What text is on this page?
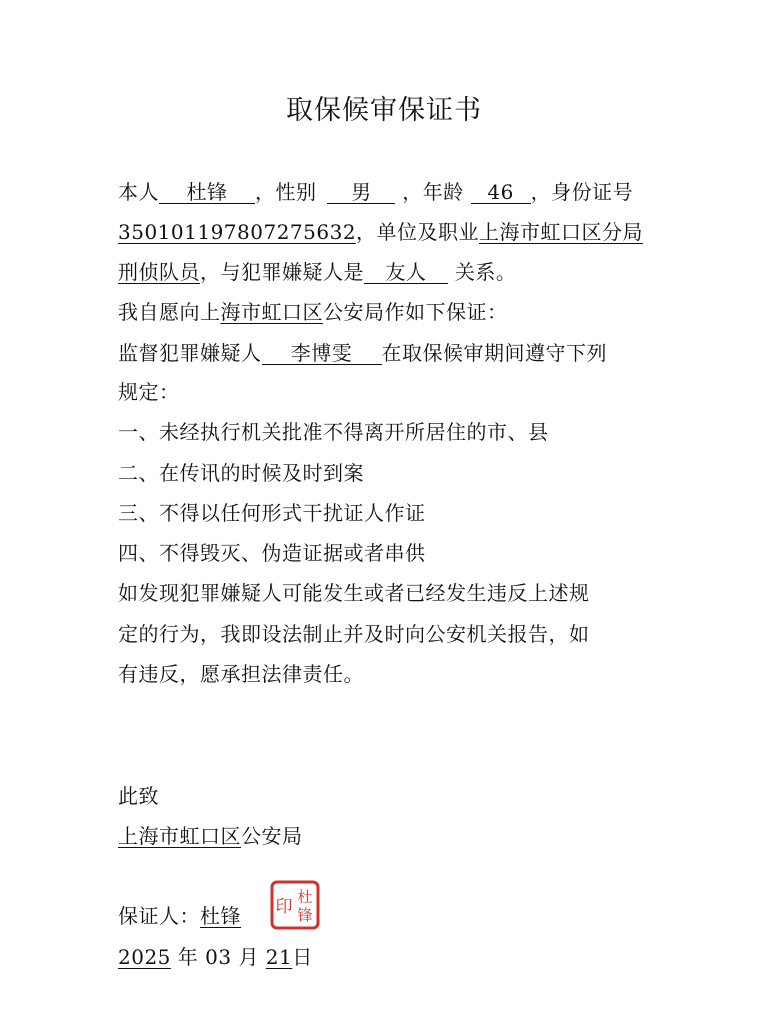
取保候审保证书
本人 杜锋 ，性别 男 ，年龄 46 ，身份证号
350101197807275632，单位及职业上海市虹口区分局
刑侦队员，与犯罪嫌疑人是 友人 关系。
我自愿向上海市虹口区公安局作如下保证：
监督犯罪嫌疑人 李博雯 在取保候审期间遵守下列
规定：
一、未经执行机关批准不得离开所居住的市、县
二、在传讯的时候及时到案
三、不得以任何形式干扰证人作证
四、不得毁灭、伪造证据或者串供
如发现犯罪嫌疑人可能发生或者已经发生违反上述规
定的行为，我即设法制止并及时向公安机关报告，如
有违反，愿承担法律责任。
此致
上海市虹口区公安局
保证人：杜锋
杜
锋
印
2025 年 03 月 21日
